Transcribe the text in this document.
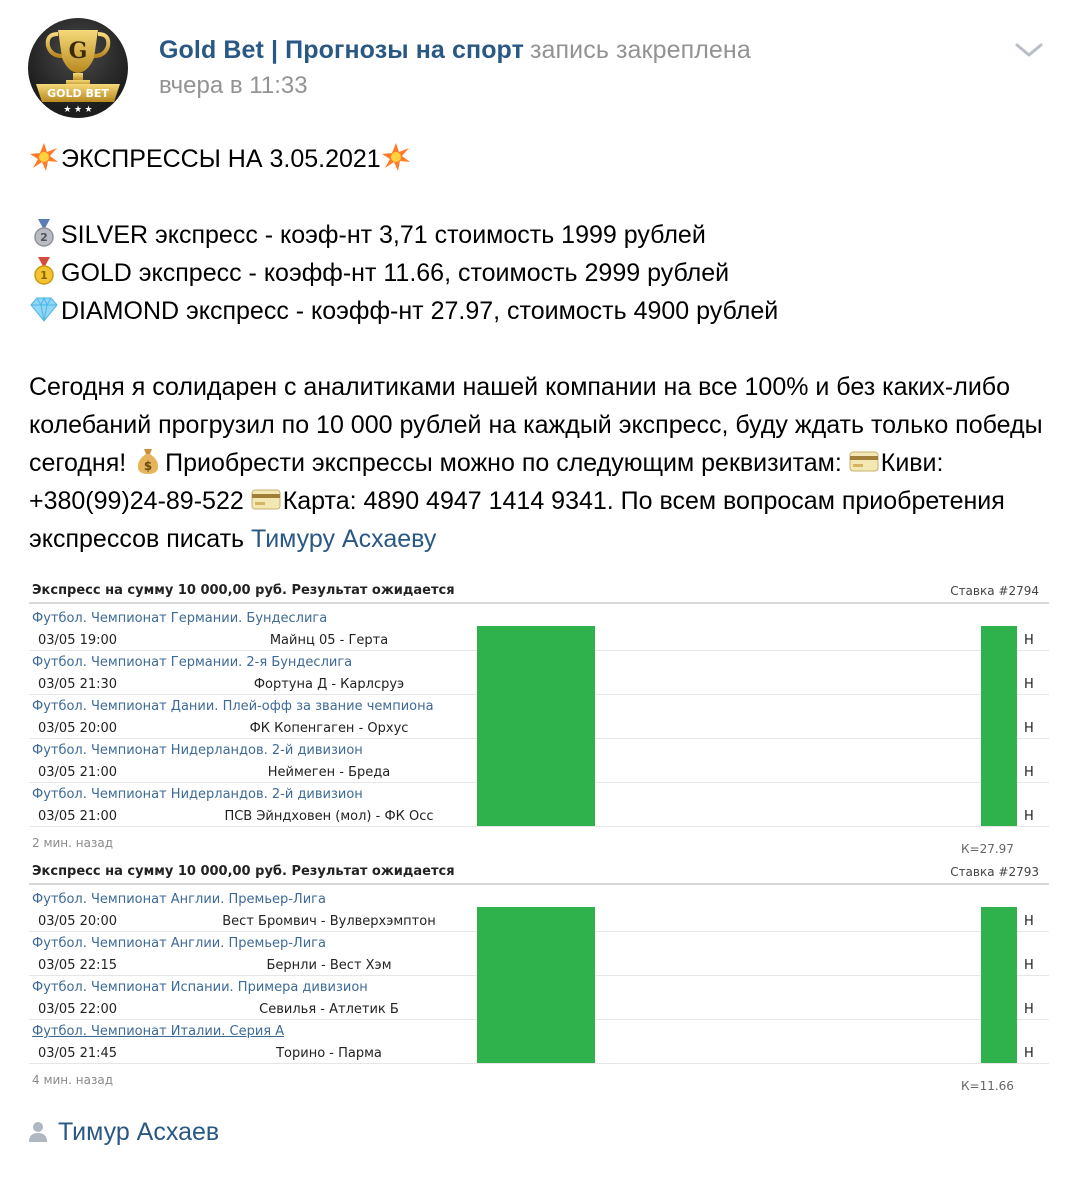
G
GOLD BET
★ ★ ★
Gold Bet | Прогнозы на спорт запись закреплена
вчера в 11:33
ЭКСПРЕССЫ НА 3.05.2021
2 SILVER экспресс - коэф-нт 3,71 стоимость 1999 рублей
1 GOLD экспресс - коэфф-нт 11.66, стоимость 2999 рублей
DIAMOND экспресс - коэфф-нт 27.97, стоимость 4900 рублей
Сегодня я солидарен с аналитиками нашей компании на все 100% и без каких-либо колебаний прогрузил по 10 000 рублей на каждый экспресс, буду ждать только победы сегодня! $ Приобрести экспрессы можно по следующим реквизитам: Киви: +380(99)24-89-522 Карта: 4890 4947 1414 9341. По всем вопросам приобретения экспрессов писать Тимуру Асхаеву
Экспресс на сумму 10 000,00 руб. Результат ожидается	Ставка #2794
Футбол. Чемпионат Германии. Бундеслига
03/05 19:00	Майнц 05 - Герта	Н
Футбол. Чемпионат Германии. 2-я Бундеслига
03/05 21:30	Фортуна Д - Карлсруэ	Н
Футбол. Чемпионат Дании. Плей-офф за звание чемпиона
03/05 20:00	ФК Копенгаген - Орхус	Н
Футбол. Чемпионат Нидерландов. 2-й дивизион
03/05 21:00	Неймеген - Бреда	Н
Футбол. Чемпионат Нидерландов. 2-й дивизион
03/05 21:00	ПСВ Эйндховен (мол) - ФК Осс	Н
2 мин. назад	К=27.97
Экспресс на сумму 10 000,00 руб. Результат ожидается	Ставка #2793
Футбол. Чемпионат Англии. Премьер-Лига
03/05 20:00	Вест Бромвич - Вулверхэмптон	Н
Футбол. Чемпионат Англии. Премьер-Лига
03/05 22:15	Бернли - Вест Хэм	Н
Футбол. Чемпионат Испании. Примера дивизион
03/05 22:00	Севилья - Атлетик Б	Н
Футбол. Чемпионат Италии. Серия А
03/05 21:45	Торино - Парма	Н
4 мин. назад	К=11.66
Тимур Асхаев
